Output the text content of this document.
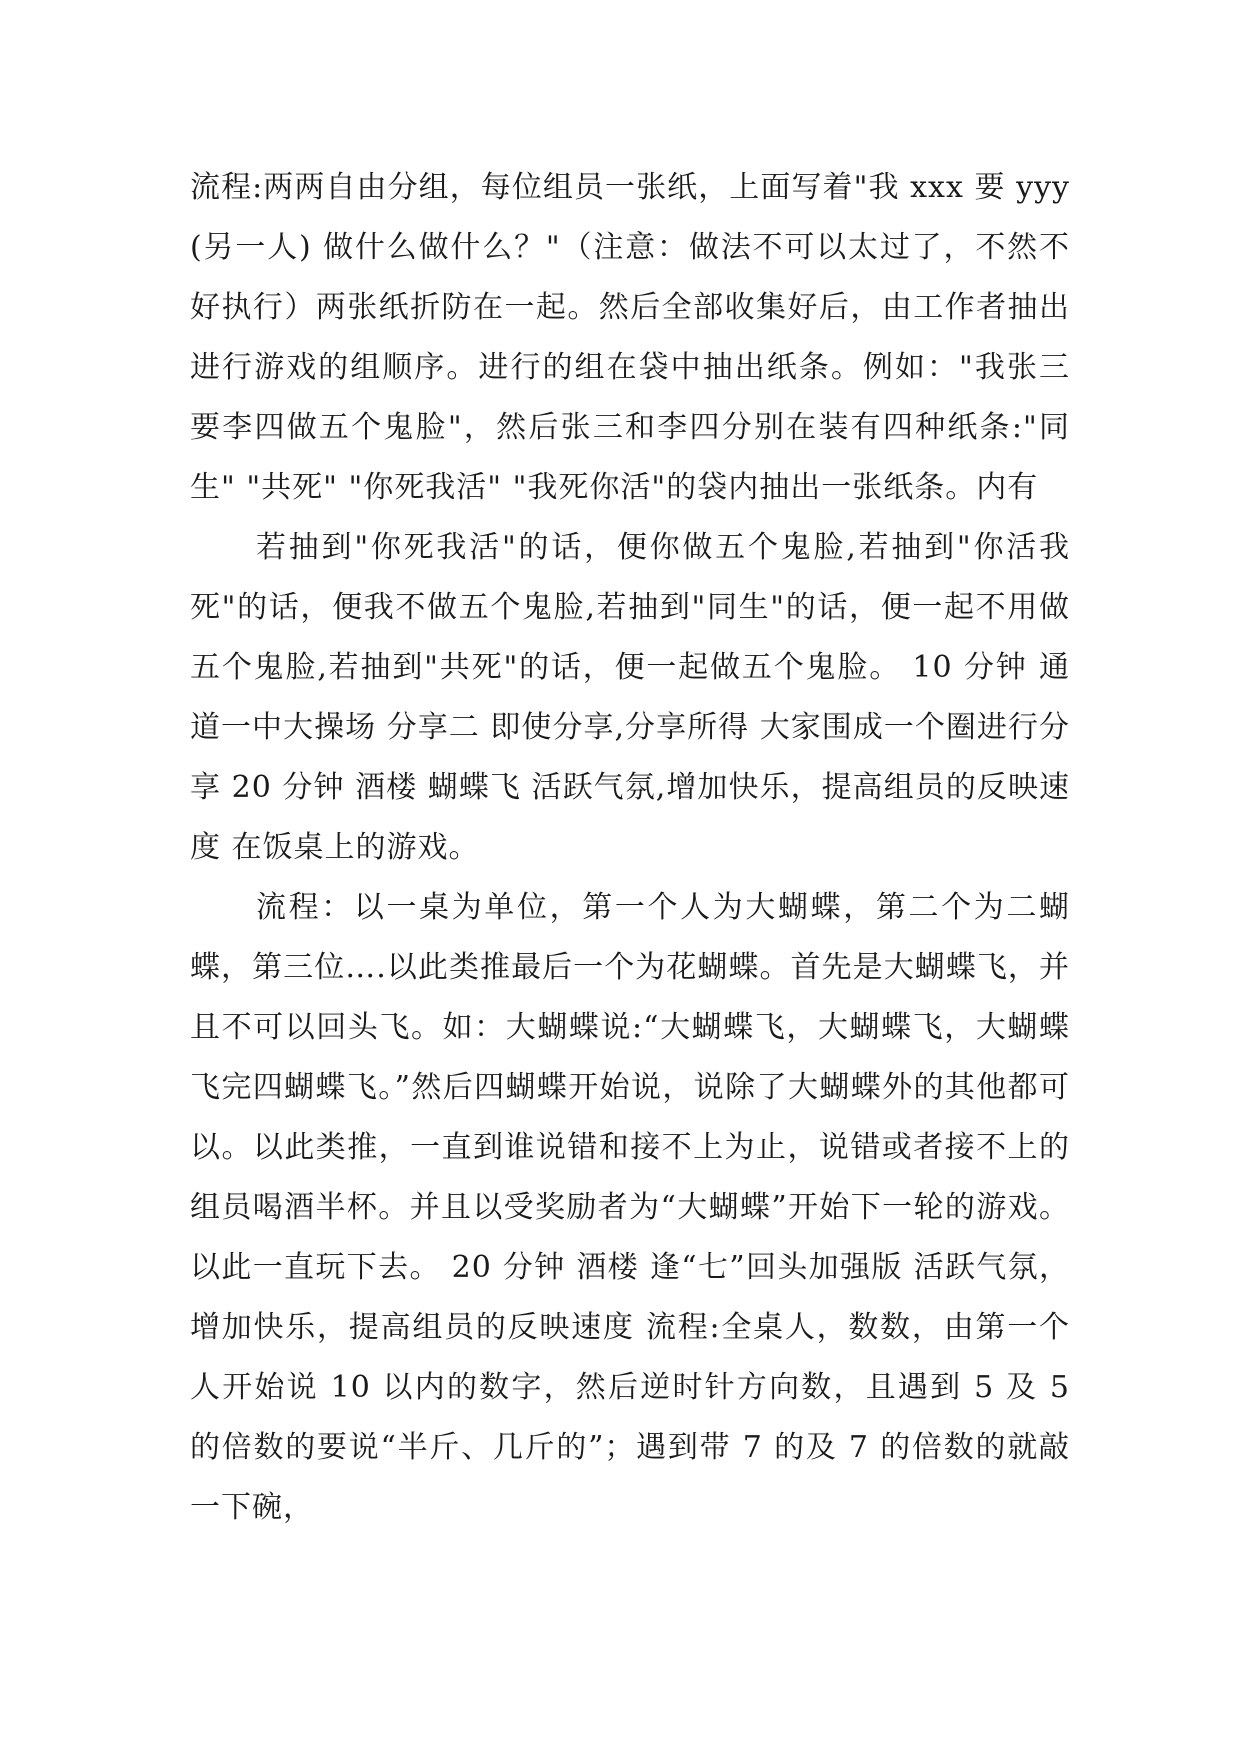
流程:两两自由分组，每位组员一张纸，上面写着"我 xxx 要 yyy(另一人) 做什么做什么？"（注意：做法不可以太过了，不然不好执行）两张纸折防在一起。然后全部收集好后，由工作者抽出进行游戏的组顺序。进行的组在袋中抽出纸条。例如："我张三要李四做五个鬼脸"，然后张三和李四分别在装有四种纸条:"同生" "共死" "你死我活" "我死你活"的袋内抽出一张纸条。内有

若抽到"你死我活"的话，便你做五个鬼脸,若抽到"你活我死"的话，便我不做五个鬼脸,若抽到"同生"的话，便一起不用做五个鬼脸,若抽到"共死"的话，便一起做五个鬼脸。 10 分钟 通道一中大操场 分享二 即使分享,分享所得 大家围成一个圈进行分享 20 分钟 酒楼 蝴蝶飞 活跃气氛,增加快乐，提高组员的反映速度 在饭桌上的游戏。

流程：以一桌为单位，第一个人为大蝴蝶，第二个为二蝴蝶，第三位….以此类推最后一个为花蝴蝶。首先是大蝴蝶飞，并且不可以回头飞。如：大蝴蝶说:“大蝴蝶飞，大蝴蝶飞，大蝴蝶飞完四蝴蝶飞。”然后四蝴蝶开始说，说除了大蝴蝶外的其他都可以。以此类推，一直到谁说错和接不上为止，说错或者接不上的组员喝酒半杯。并且以受奖励者为“大蝴蝶”开始下一轮的游戏。以此一直玩下去。 20 分钟 酒楼 逢“七”回头加强版 活跃气氛，增加快乐，提高组员的反映速度 流程:全桌人，数数，由第一个人开始说 10 以内的数字，然后逆时针方向数，且遇到 5 及 5 的倍数的要说“半斤、几斤的”；遇到带 7 的及 7 的倍数的就敲一下碗，
